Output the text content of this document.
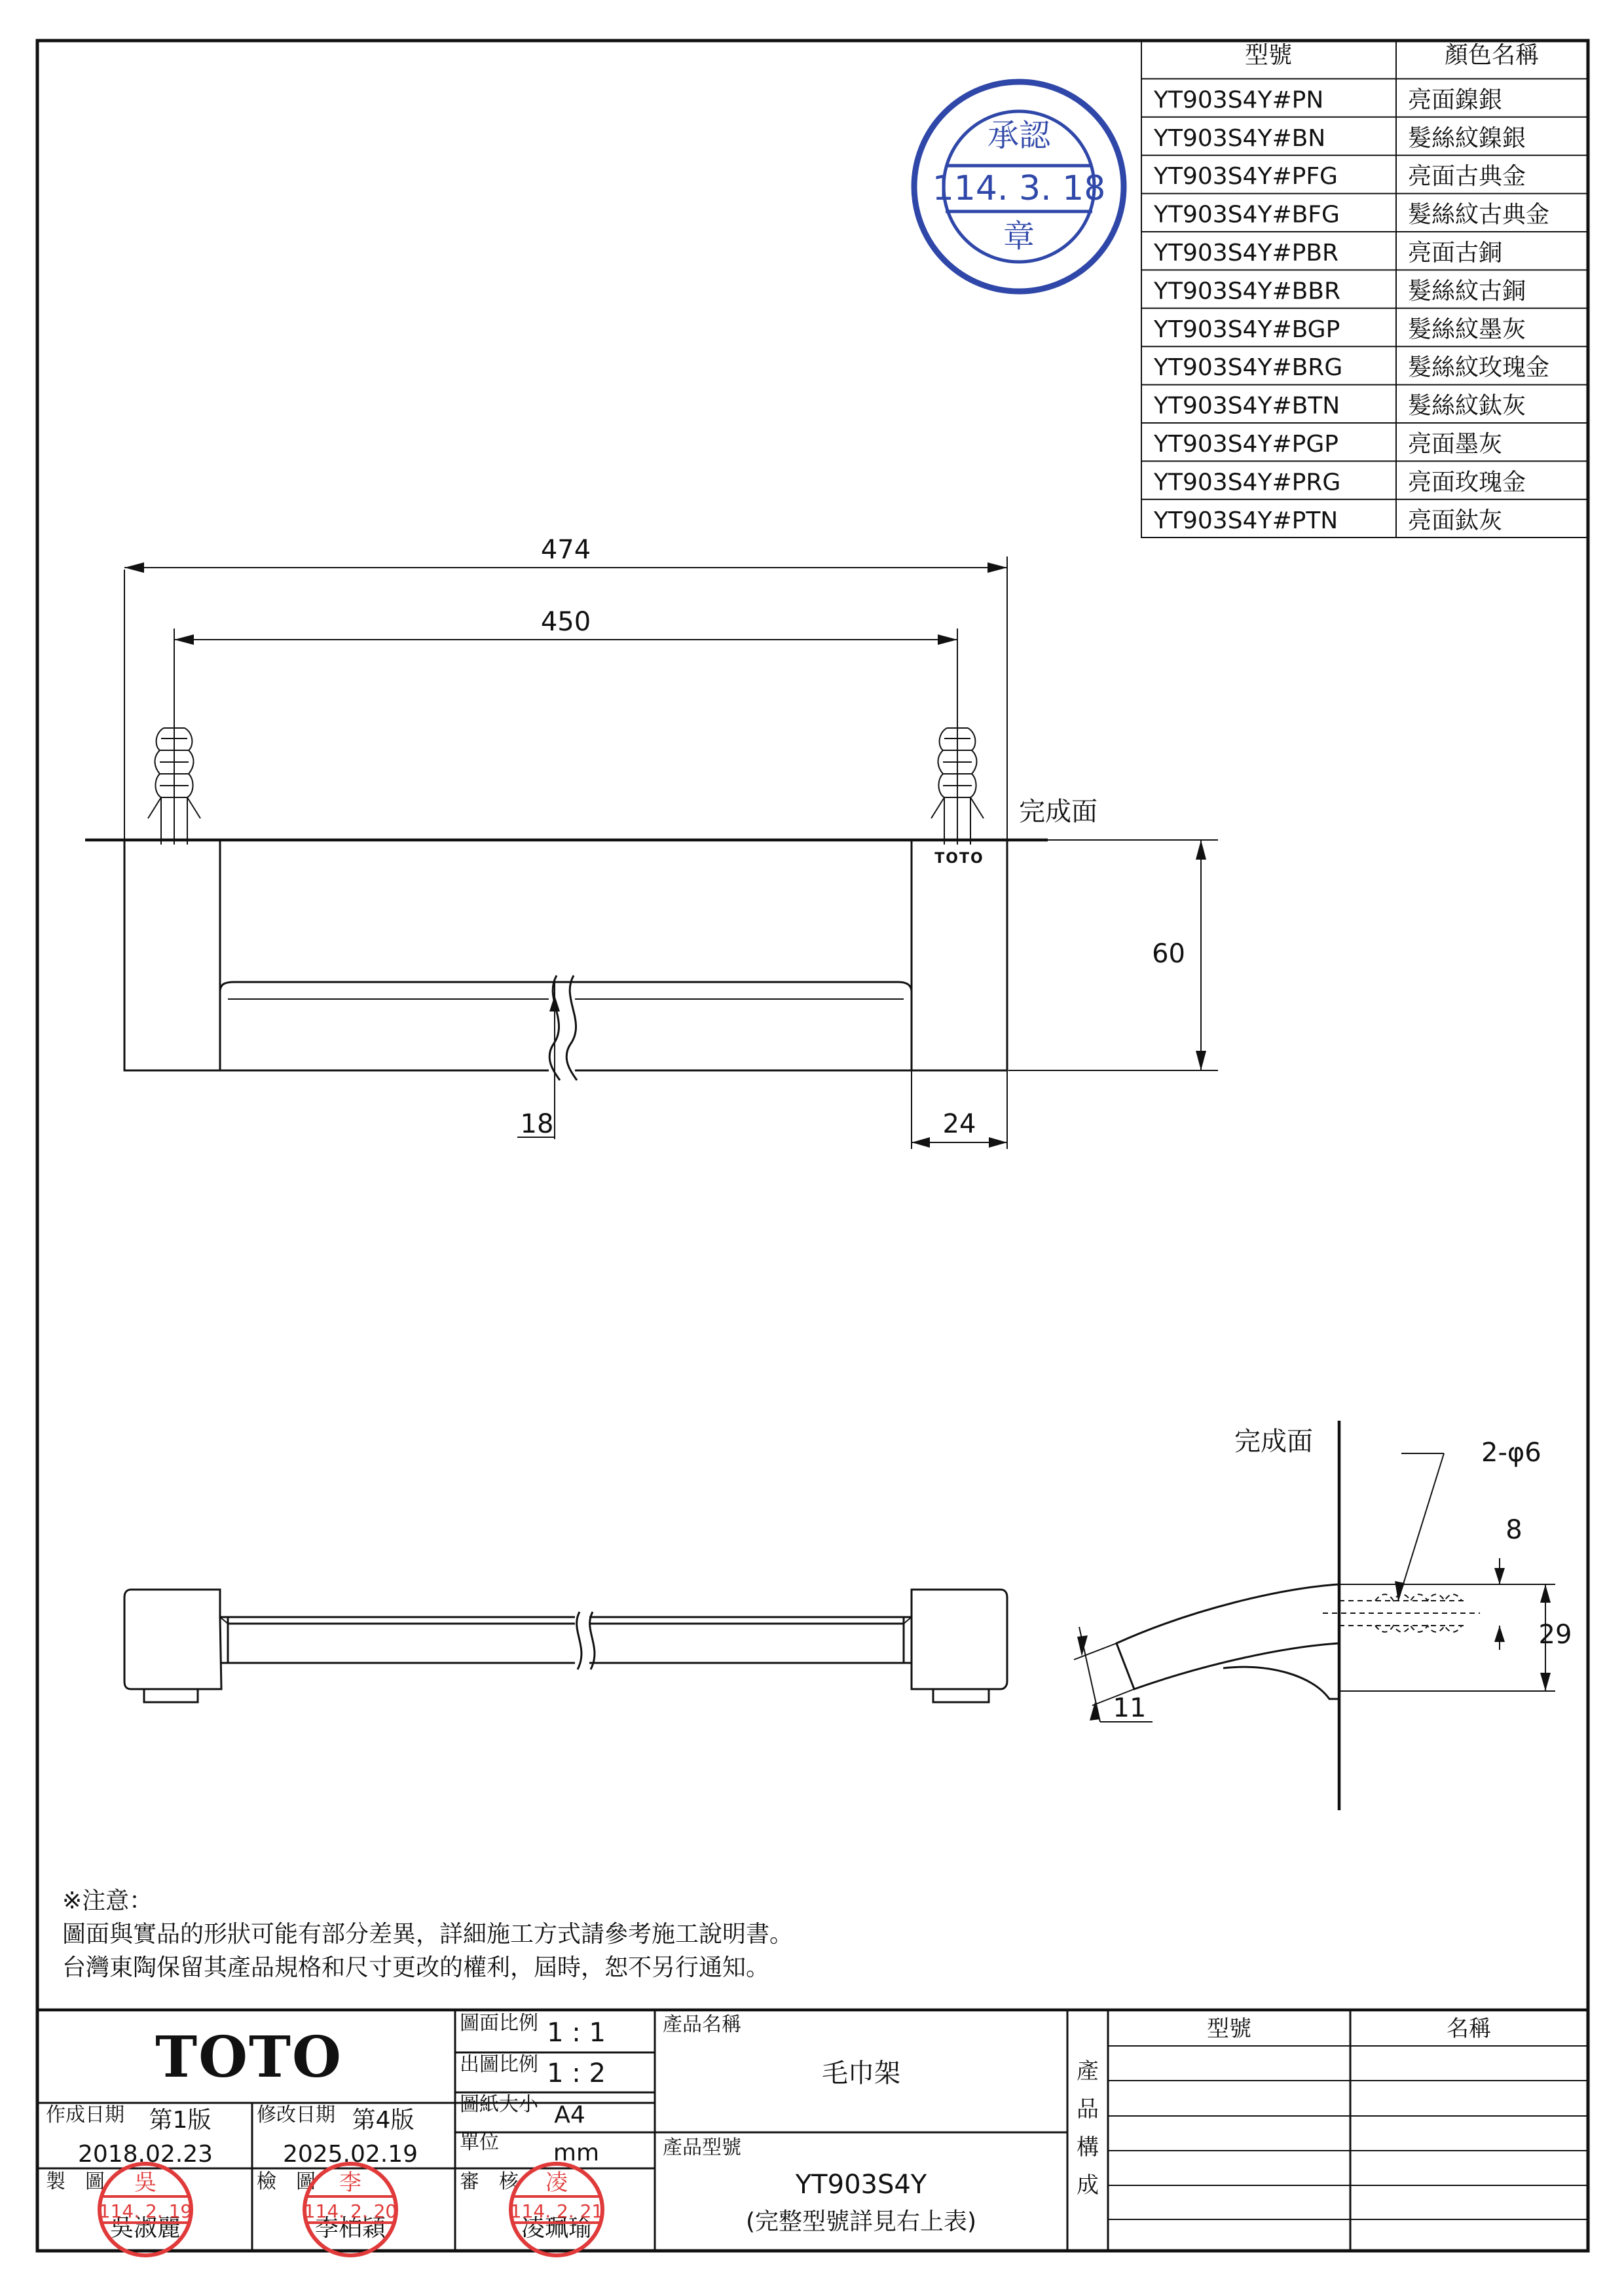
型號	顏色名稱
YT903S4Y#PN	亮面鎳銀
YT903S4Y#BN	髮絲紋鎳銀
YT903S4Y#PFG	亮面古典金
YT903S4Y#BFG	髮絲紋古典金
YT903S4Y#PBR	亮面古銅
YT903S4Y#BBR	髮絲紋古銅
YT903S4Y#BGP	髮絲紋墨灰
YT903S4Y#BRG	髮絲紋玫瑰金
YT903S4Y#BTN	髮絲紋鈦灰
YT903S4Y#PGP	亮面墨灰
YT903S4Y#PRG	亮面玫瑰金
YT903S4Y#PTN	亮面鈦灰
承認
114. 3. 18
章
474
450
完成面
TOTO
60
18	24
完成面	2-φ6
8
29
11
※注意：
圖面與實品的形狀可能有部分差異，詳細施工方式請參考施工說明書。
台灣東陶保留其產品規格和尺寸更改的權利，屆時，恕不另行通知。
TOTO
圖面比例 1 : 1
出圖比例 1 : 2
圖紙大小 A4
單位 mm
作成日期 第1版
2018.02.23
修改日期 第4版
2025.02.19
製　圖
吳淑麗
檢　圖
李柏穎
審　核
凌珮瑜
吳
114. 2. 19
李
114. 2. 20
凌
114. 2. 21
產品名稱
毛巾架
產品型號
YT903S4Y
(完整型號詳見右上表)
產
品
構
成
型號	名稱
